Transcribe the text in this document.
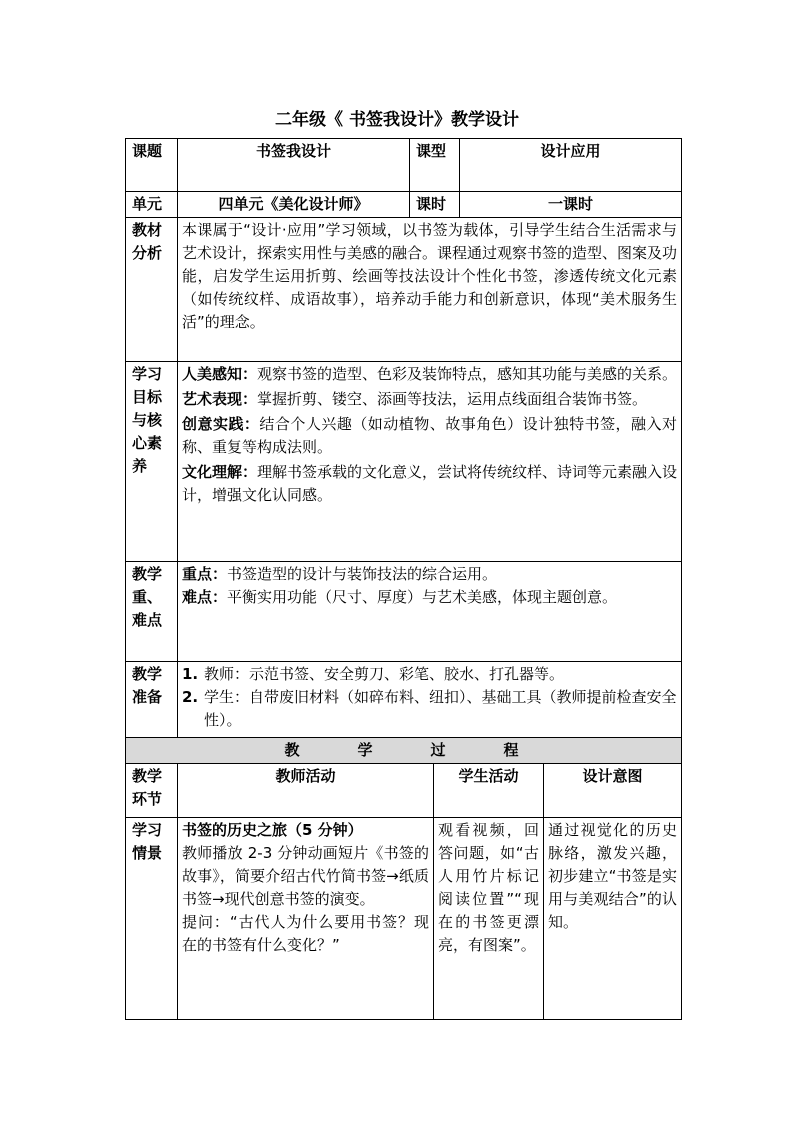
二年级《 书签我设计》教学设计
课题	书签我设计	课型		设计应用	
单元	四单元《美化设计师》	课时		一课时	

教材分析	本课属于“设计·应用”学习领域，以书签为载体，引导学生结合生活需求与艺术设计，探索实用性与美感的融合。课程通过观察书签的造型、图案及功能，启发学生运用折剪、绘画等技法设计个性化书签，渗透传统文化元素（如传统纹样、成语故事），培养动手能力和创新意识，体现“美术服务生活”的理念。				

学习目标与核心素养	人美感知：观察书签的造型、色彩及装饰特点，感知其功能与美感的关系。
艺术表现：掌握折剪、镂空、添画等技法，运用点线面组合装饰书签。
创意实践：结合个人兴趣（如动植物、故事角色）设计独特书签，融入对称、重复等构成法则。
文化理解：理解书签承载的文化意义，尝试将传统纹样、诗词等元素融入设计，增强文化认同感。				

教学重、难点	重点：书签造型的设计与装饰技法的综合运用。
难点：平衡实用功能（尺寸、厚度）与艺术美感，体现主题创意。				

教学准备	1. 教师：示范书签、安全剪刀、彩笔、胶水、打孔器等。
2. 学生：自带废旧材料（如碎布料、纽扣）、基础工具（教师提前检查安全性）。				

教学过程					

教学环节	教师活动		学生活动		设计意图

学习情景	书签的历史之旅（5 分钟）
教师播放 2-3 分钟动画短片《书签的故事》，简要介绍古代竹简书签→纸质书签→现代创意书签的演变。
提问：“古代人为什么要用书签？现在的书签有什么变化？”		观看视频，回答问题，如“古人用竹片标记阅读位置”“现在的书签更漂亮，有图案”。		通过视觉化的历史脉络，激发兴趣，初步建立“书签是实用与美观结合”的认知。
